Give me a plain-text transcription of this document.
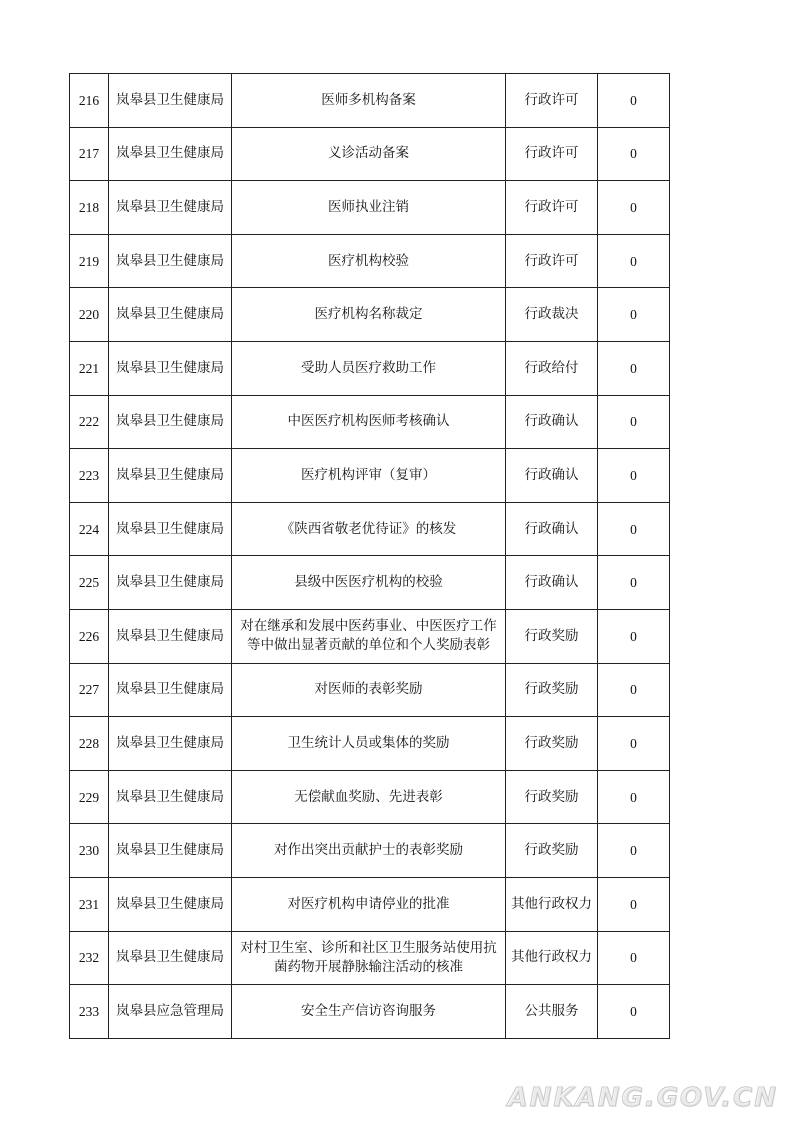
216	岚皋县卫生健康局	医师多机构备案	行政许可	0
217	岚皋县卫生健康局	义诊活动备案	行政许可	0
218	岚皋县卫生健康局	医师执业注销	行政许可	0
219	岚皋县卫生健康局	医疗机构校验	行政许可	0
220	岚皋县卫生健康局	医疗机构名称裁定	行政裁决	0
221	岚皋县卫生健康局	受助人员医疗救助工作	行政给付	0
222	岚皋县卫生健康局	中医医疗机构医师考核确认	行政确认	0
223	岚皋县卫生健康局	医疗机构评审（复审）	行政确认	0
224	岚皋县卫生健康局	《陕西省敬老优待证》的核发	行政确认	0
225	岚皋县卫生健康局	县级中医医疗机构的校验	行政确认	0
226	岚皋县卫生健康局	对在继承和发展中医药事业、中医医疗工作等中做出显著贡献的单位和个人奖励表彰	行政奖励	0
227	岚皋县卫生健康局	对医师的表彰奖励	行政奖励	0
228	岚皋县卫生健康局	卫生统计人员或集体的奖励	行政奖励	0
229	岚皋县卫生健康局	无偿献血奖励、先进表彰	行政奖励	0
230	岚皋县卫生健康局	对作出突出贡献护士的表彰奖励	行政奖励	0
231	岚皋县卫生健康局	对医疗机构申请停业的批准	其他行政权力	0
232	岚皋县卫生健康局	对村卫生室、诊所和社区卫生服务站使用抗菌药物开展静脉输注活动的核准	其他行政权力	0
233	岚皋县应急管理局	安全生产信访咨询服务	公共服务	0
ANKANG.GOV.CN
